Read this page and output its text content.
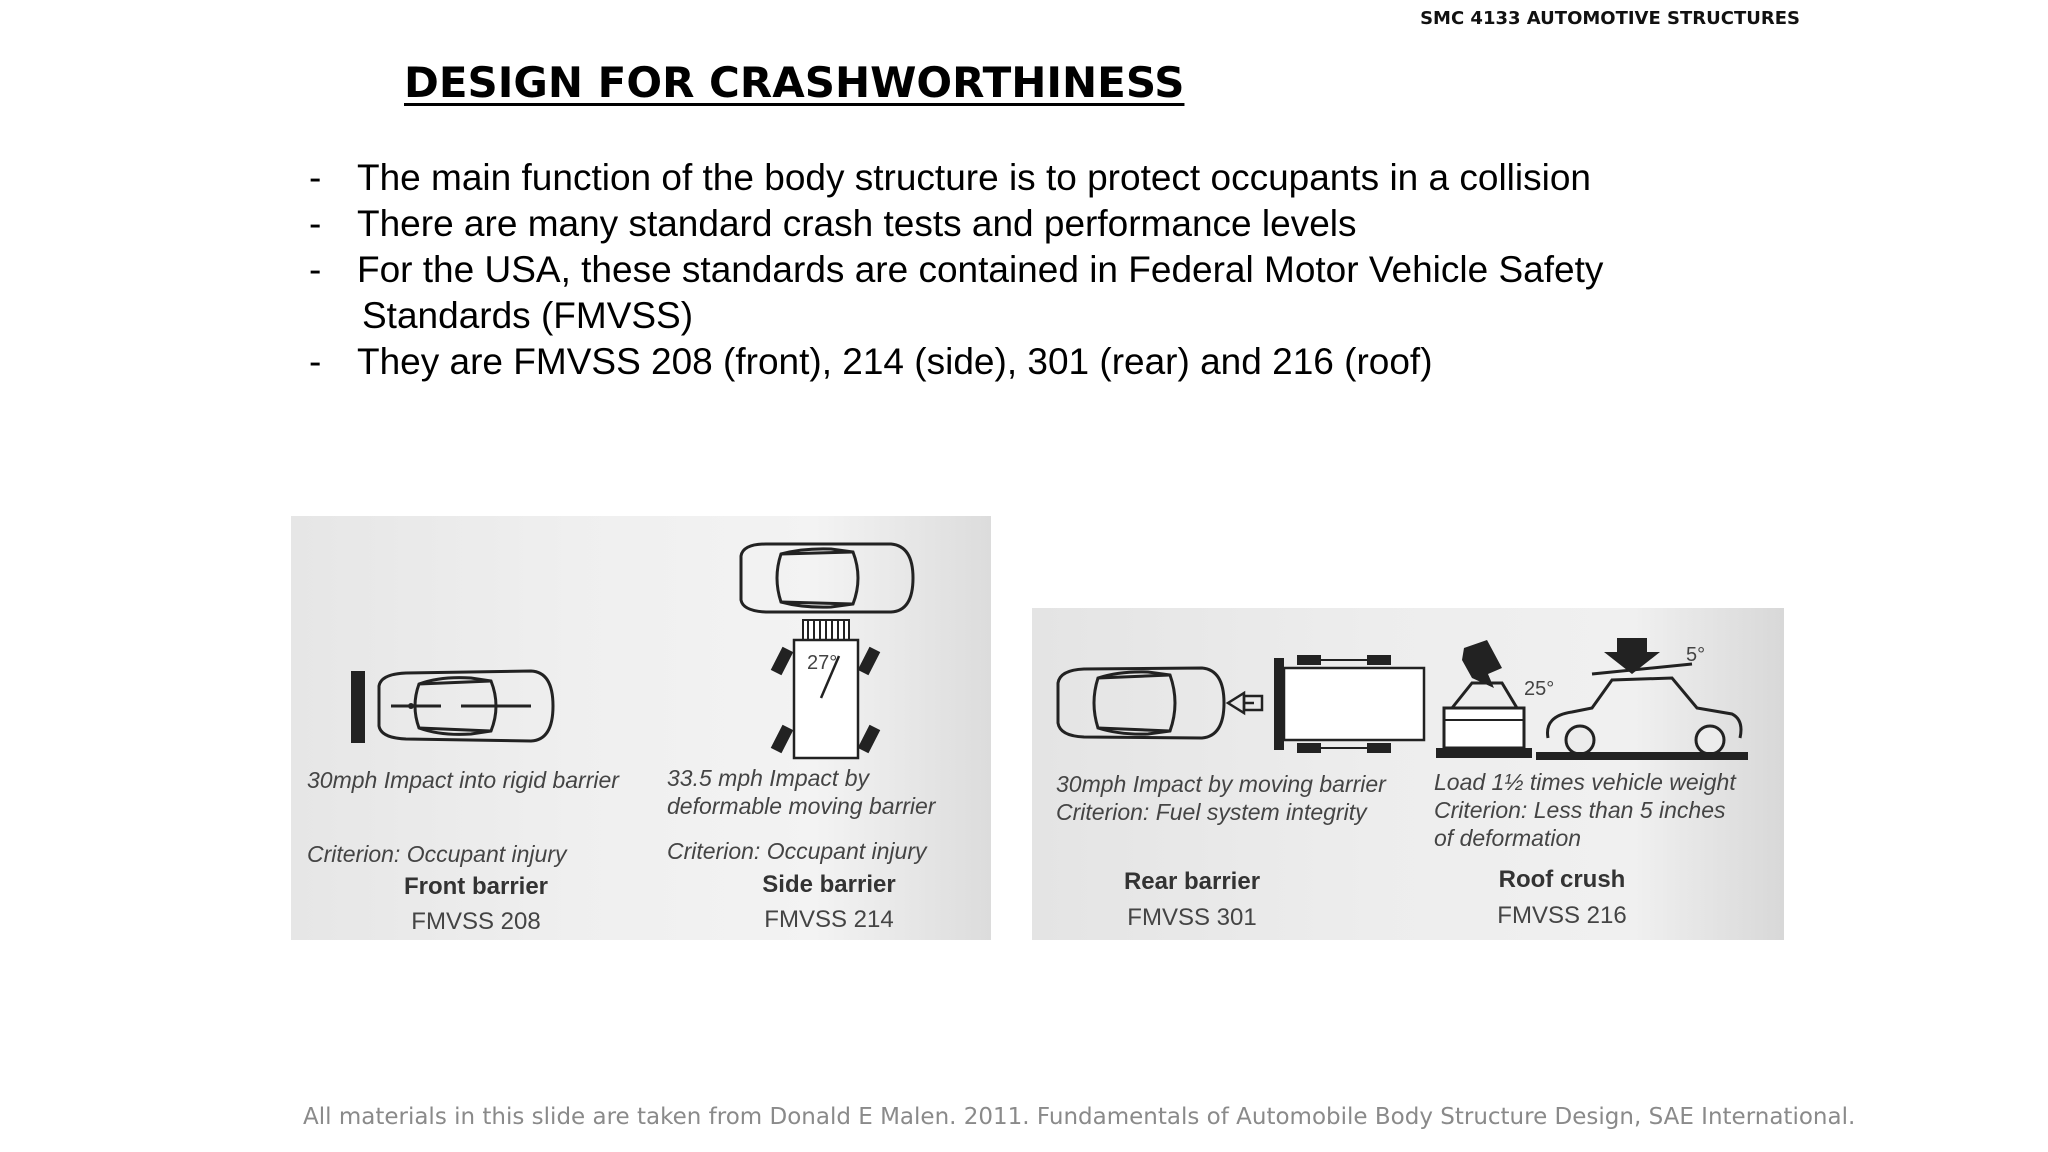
SMC 4133 AUTOMOTIVE STRUCTURES
DESIGN FOR CRASHWORTHINESS
- The main function of the body structure is to protect occupants in a collision
- There are many standard crash tests and performance levels
- For the USA, these standards are contained in Federal Motor Vehicle Safety
Standards (FMVSS)
- They are FMVSS 208 (front), 214 (side), 301 (rear) and 216 (roof)
27°
30mph Impact into rigid barrier
Criterion: Occupant injury
Front barrier
FMVSS 208
33.5 mph Impact by
deformable moving barrier
Criterion: Occupant injury
Side barrier
FMVSS 214
25°
5°
30mph Impact by moving barrier
Criterion: Fuel system integrity
Rear barrier
FMVSS 301
Load 1½ times vehicle weight
Criterion: Less than 5 inches
of deformation
Roof crush
FMVSS 216
All materials in this slide are taken from Donald E Malen. 2011. Fundamentals of Automobile Body Structure Design, SAE International.
